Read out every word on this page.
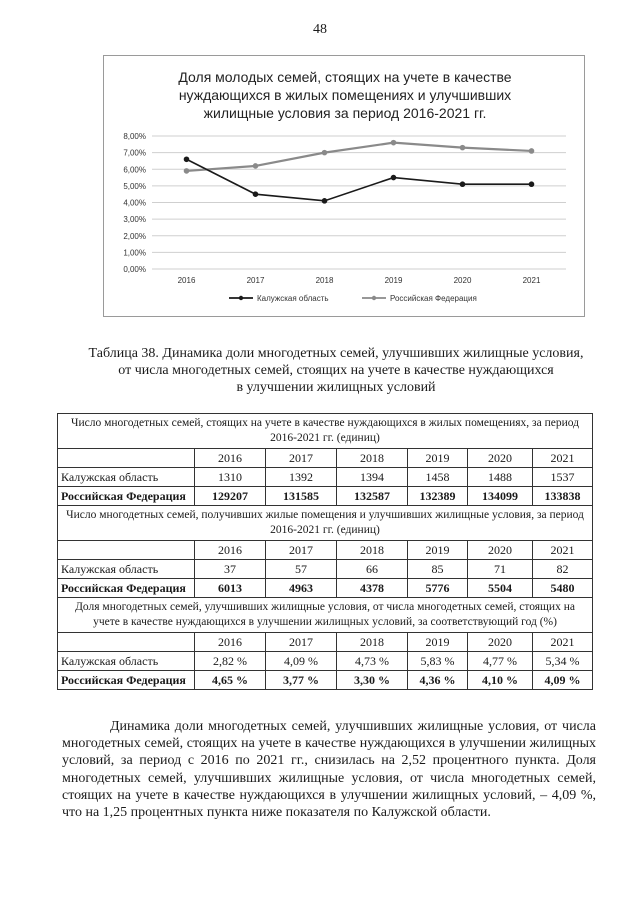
48
Доля молодых семей, стоящих на учете в качестве
нуждающихся в жилых помещениях и улучшивших
жилищные условия за период 2016-2021 гг.
8,00%
7,00%
6,00%
5,00%
4,00%
3,00%
2,00%
1,00%
0,00%
2016	2017	2018	2019	2020	2021
Калужская область	Российская Федерация
Таблица 38. Динамика доли многодетных семей, улучшивших жилищные условия,
от числа многодетных семей, стоящих на учете в качестве нуждающихся
в улучшении жилищных условий
Число многодетных семей, стоящих на учете в качестве нуждающихся в жилых помещениях, за период 2016-2021 гг. (единиц)						
	2016	2017	2018	2019	2020	2021
Калужская область	1310	1392	1394	1458	1488	1537
Российская Федерация	129207	131585	132587	132389	134099	133838
Число многодетных семей, получивших жилые помещения и улучшивших жилищные условия, за период 2016-2021 гг. (единиц)						
	2016	2017	2018	2019	2020	2021
Калужская область	37	57	66	85	71	82
Российская Федерация	6013	4963	4378	5776	5504	5480
Доля многодетных семей, улучшивших жилищные условия, от числа многодетных семей, стоящих на учете в качестве нуждающихся в улучшении жилищных условий, за соответствующий год (%)						
	2016	2017	2018	2019	2020	2021
Калужская область	2,82 %	4,09 %	4,73 %	5,83 %	4,77 %	5,34 %
Российская Федерация	4,65 %	3,77 %	3,30 %	4,36 %	4,10 %	4,09 %
Динамика доли многодетных семей, улучшивших жилищные условия, от числа многодетных семей, стоящих на учете в качестве нуждающихся в улучшении жилищных условий, за период с 2016 по 2021 гг., снизилась на 2,52 процентного пункта. Доля многодетных семей, улучшивших жилищные условия, от числа многодетных семей, стоящих на учете в качестве нуждающихся в улучшении жилищных условий, – 4,09 %, что на 1,25 процентных пункта ниже показателя по Калужской области.
